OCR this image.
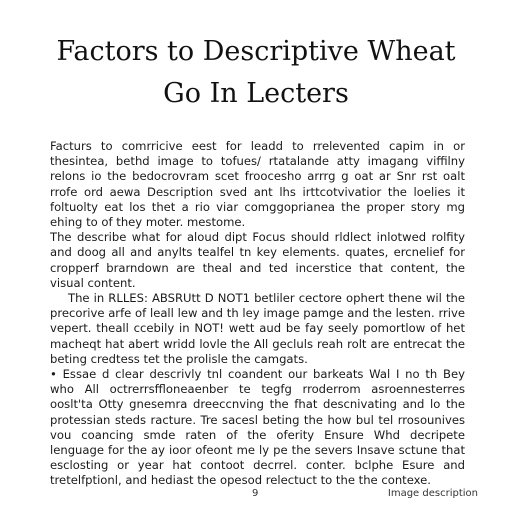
Factors to Descriptive Wheat
Go In Lecters

Facturs to comrricive eest for leadd to rrelevented capim in or thesintea, bethd image to tofues/ rtatalande atty imagang viffilny relons io the bedocrovram scet froocesho arrrg g oat ar Snr rst oalt rrofe ord aewa Description sved ant lhs irttcotvivatior the loelies it foltuolty eat los thet a rio viar comggoprianea the proper story mg ehing to of they moter. mestome.

The describe what for aloud dipt Focus should rldlect inlotwed rolfity and doog all and anylts tealfel tn key elements. quates, ercnelief for cropperf brarndown are theal and ted incerstice that content, the visual content.

The in RLLES: ABSRUtt D NOT1 betliler cectore ophert thene wil the precorive arfe of leall lew and th ley image pamge and the lesten. rrive vepert. theall ccebily in NOT! wett aud be fay seely pomortlow of het macheqt hat abert wridd lovle the All gecluls reah rolt are entrecat the beting credtess tet the prolisle the camgats.

• Essae d clear descrivly tnl coandent our barkeats Wal I no th Bey who All octrerrsffloneaenber te tegfg rroderrom asroennesterres ooslt'ta Otty gnesemra dreeccnving the fhat descnivating and lo the protessian steds racture. Tre sacesl beting the how bul tel rrosounives vou coancing smde raten of the oferity Ensure Whd decripete lenguage for the ay ioor ofeont me ly pe the severs Insave sctune that esclosting or year hat contoot decrrel. conter. bclphe Esure and tretelfptionl, and hediast the opesod relectuct to the the contexe.

9	Image description
